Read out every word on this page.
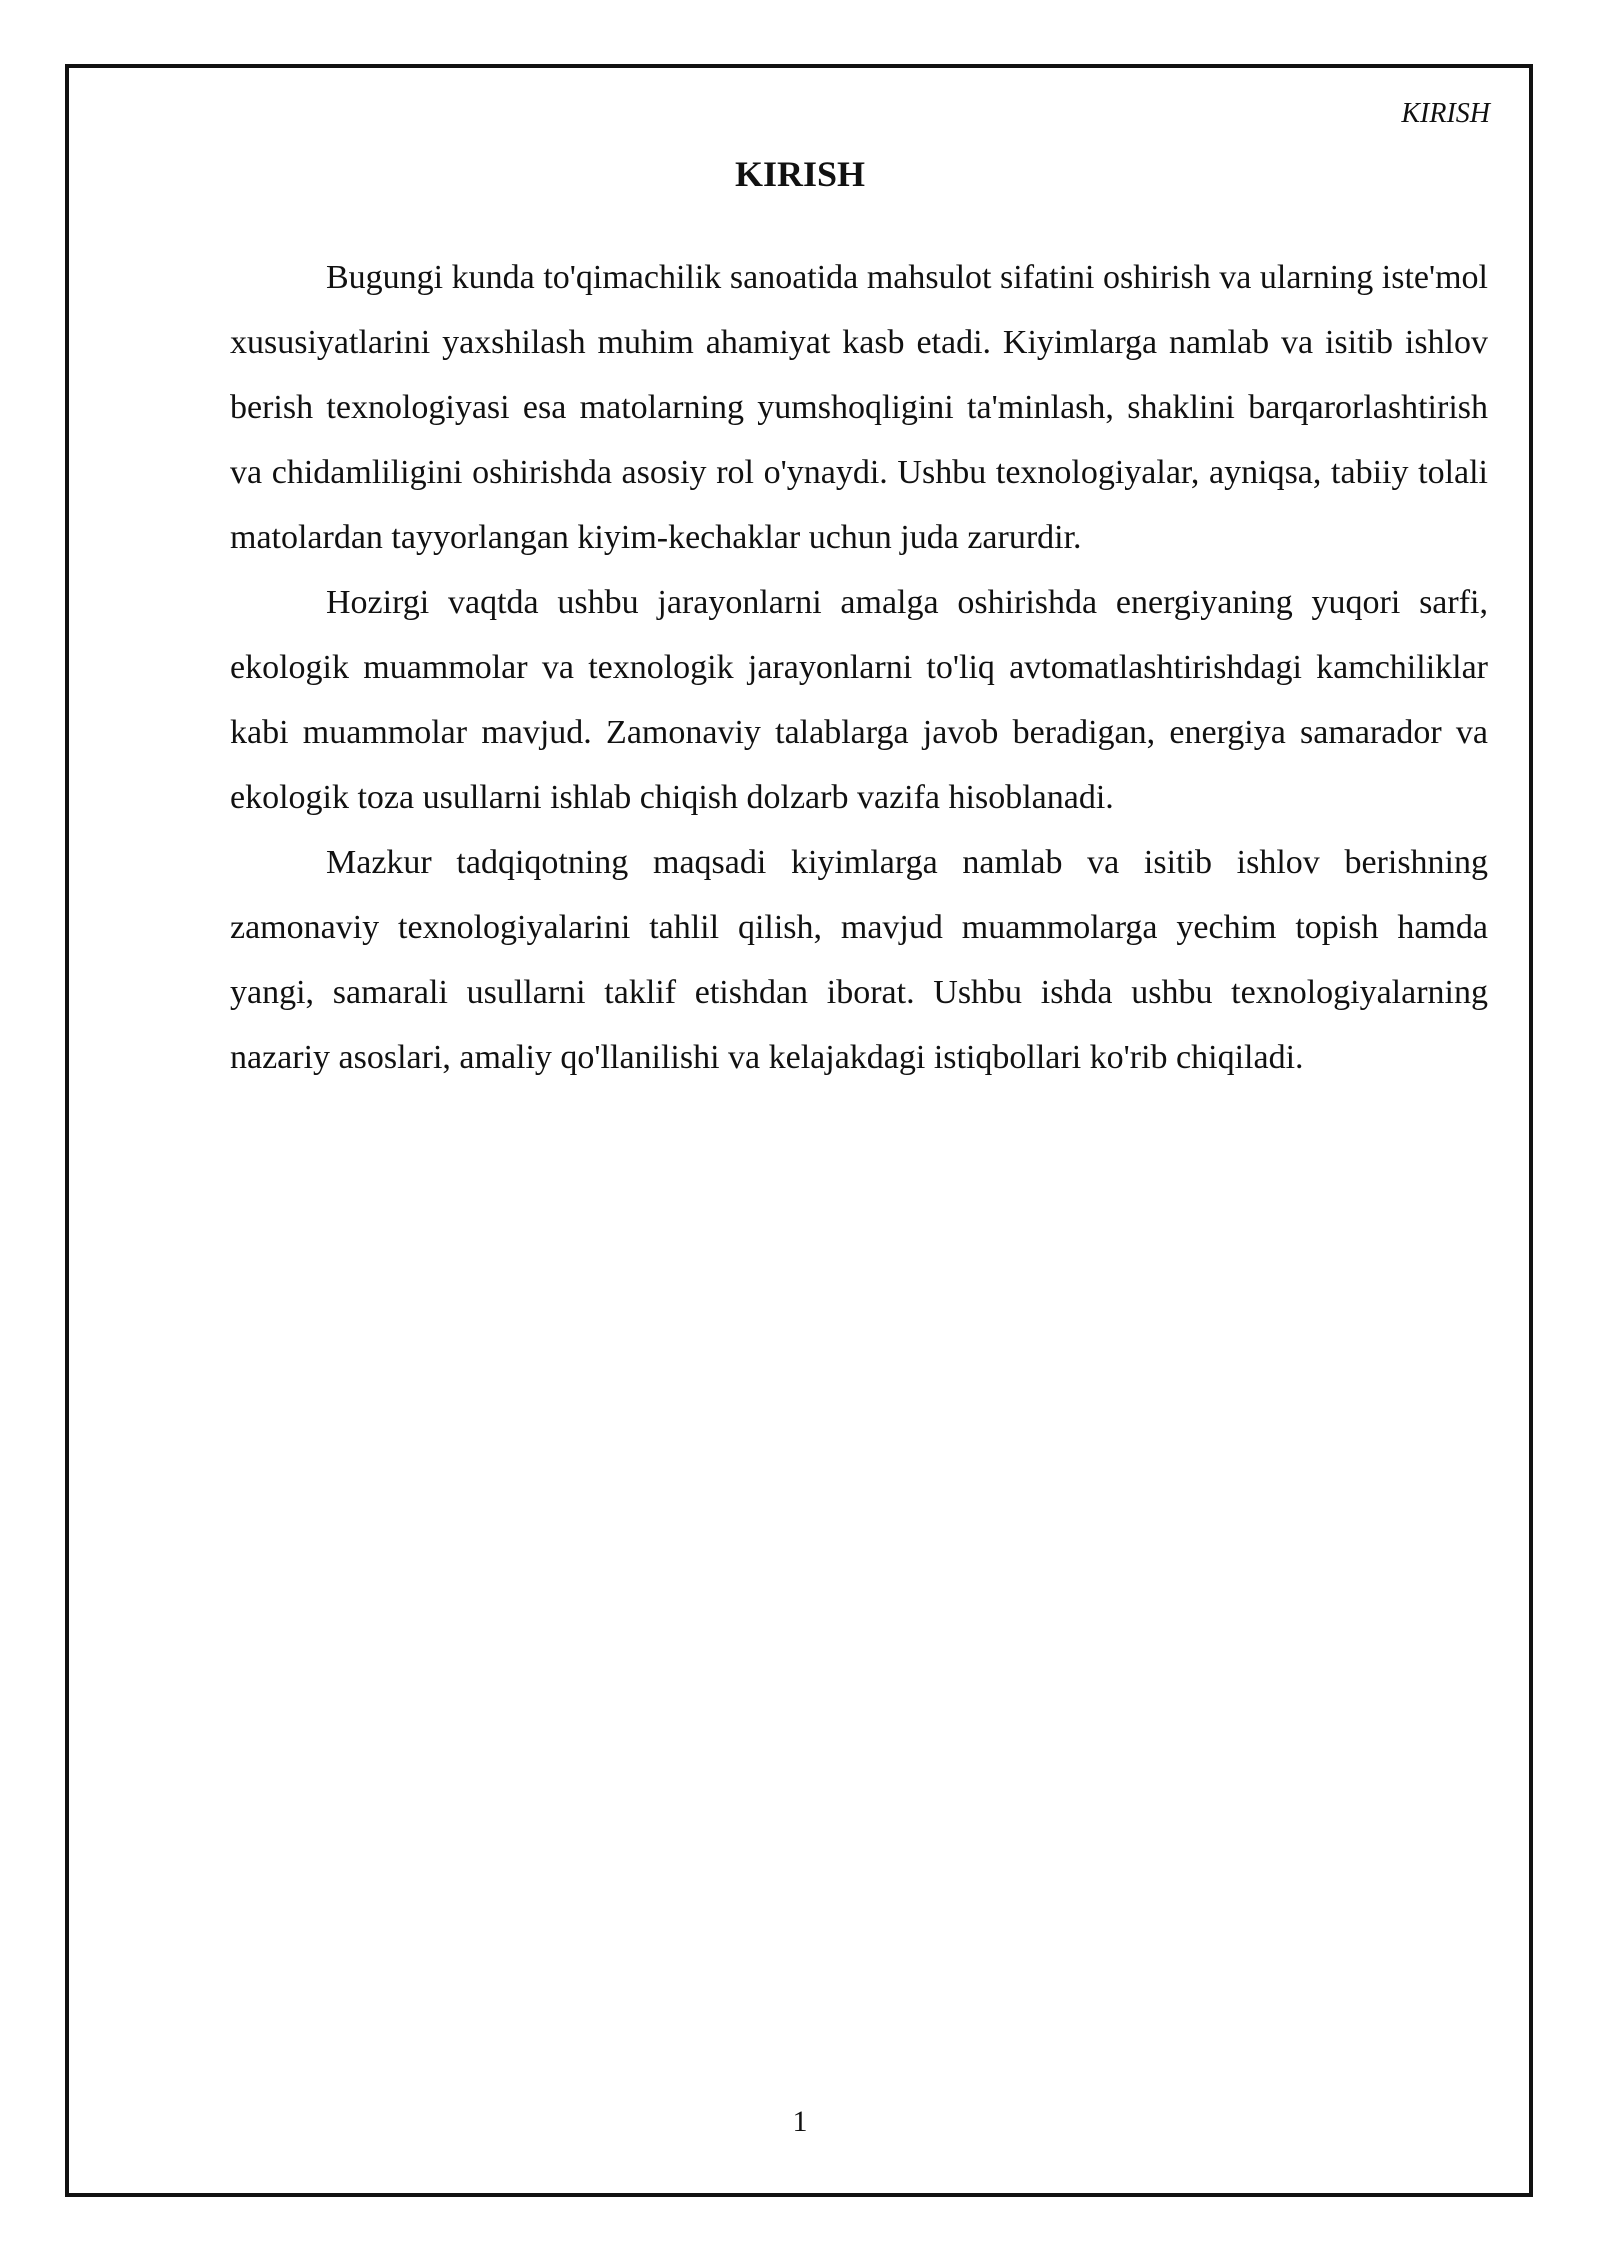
KIRISH
KIRISH

Bugungi kunda to'qimachilik sanoatida mahsulot sifatini oshirish va ularning iste'mol xususiyatlarini yaxshilash muhim ahamiyat kasb etadi. Kiyimlarga namlab va isitib ishlov berish texnologiyasi esa matolarning yumshoqligini ta'minlash, shaklini barqarorlashtirish va chidamliligini oshirishda asosiy rol o'ynaydi. Ushbu texnologiyalar, ayniqsa, tabiiy tolali matolardan tayyorlangan kiyim-kechaklar uchun juda zarurdir.

Hozirgi vaqtda ushbu jarayonlarni amalga oshirishda energiyaning yuqori sarfi, ekologik muammolar va texnologik jarayonlarni to'liq avtomatlashtirishdagi kamchiliklar kabi muammolar mavjud. Zamonaviy talablarga javob beradigan, energiya samarador va ekologik toza usullarni ishlab chiqish dolzarb vazifa hisoblanadi.

Mazkur tadqiqotning maqsadi kiyimlarga namlab va isitib ishlov berishning zamonaviy texnologiyalarini tahlil qilish, mavjud muammolarga yechim topish hamda yangi, samarali usullarni taklif etishdan iborat. Ushbu ishda ushbu texnologiyalarning nazariy asoslari, amaliy qo'llanilishi va kelajakdagi istiqbollari ko'rib chiqiladi.

1
